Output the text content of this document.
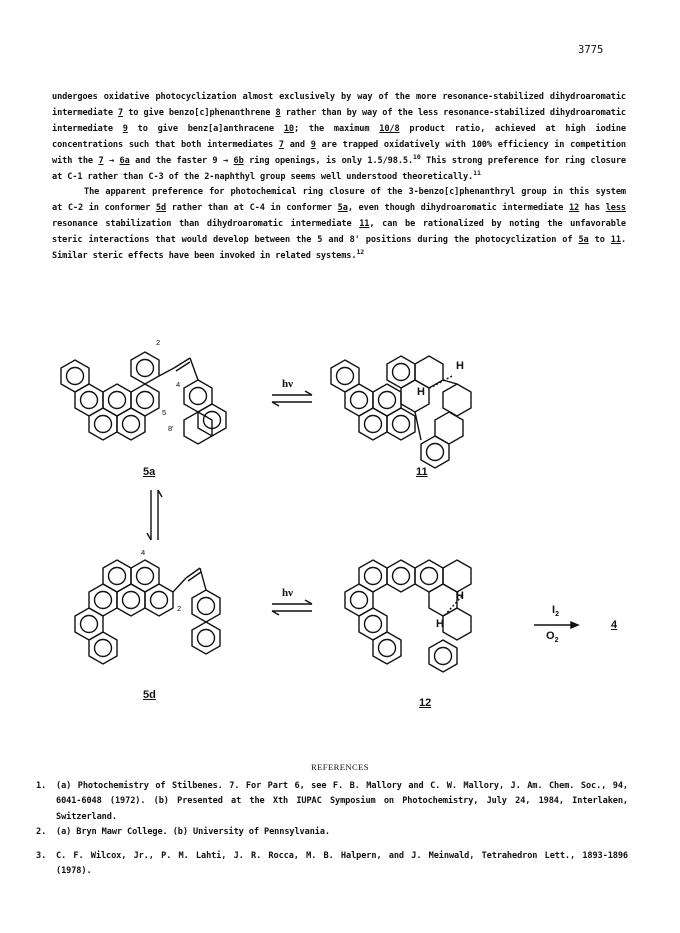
3775

undergoes oxidative photocyclization almost exclusively by way of the more resonance-stabilized dihydroaromatic intermediate 7 to give benzo[c]phenanthrene 8 rather than by way of the less resonance-stabilized dihydroaromatic intermediate 9 to give benz[a]anthracene 10; the maximum 10/8 product ratio, achieved at high iodine concentrations such that both intermediates 7 and 9 are trapped oxidatively with 100% efficiency in competition with the 7 → 6a and the faster 9 → 6b ring openings, is only 1.5/98.5.10 This strong preference for ring closure at C-1 rather than C-3 of the 2-naphthyl group seems well understood theoretically.$^{11}$

The apparent preference for photochemical ring closure of the 3-benzo[c]phenanthryl group in this system at C-2 in conformer 5d rather than at C-4 in conformer 5a, even though dihydroaromatic intermediate 12 has less resonance stabilization than dihydroaromatic intermediate 11, can be rationalized by noting the unfavorable steric interactions that would develop between the 5 and 8' positions during the photocyclization of 5a to 11. Similar steric effects have been invoked in related systems.$^{12}$

5a	11
5d
12
4
2
4
5
8'
4
2
H
H
H
H
hν
hν
$I_2$
$O_2$
REFERENCES
1. (a) Photochemistry of Stilbenes. 7. For Part 6, see F. B. Mallory and C. W. Mallory, J. Am. Chem. Soc., 94, 6041-6048 (1972). (b) Presented at the Xth IUPAC Symposium on Photochemistry, July 24, 1984, Interlaken, Switzerland.
2. (a) Bryn Mawr College. (b) University of Pennsylvania.
3. C. F. Wilcox, Jr., P. M. Lahti, J. R. Rocca, M. B. Halpern, and J. Meinwald, Tetrahedron Lett., 1893-1896 (1978).
